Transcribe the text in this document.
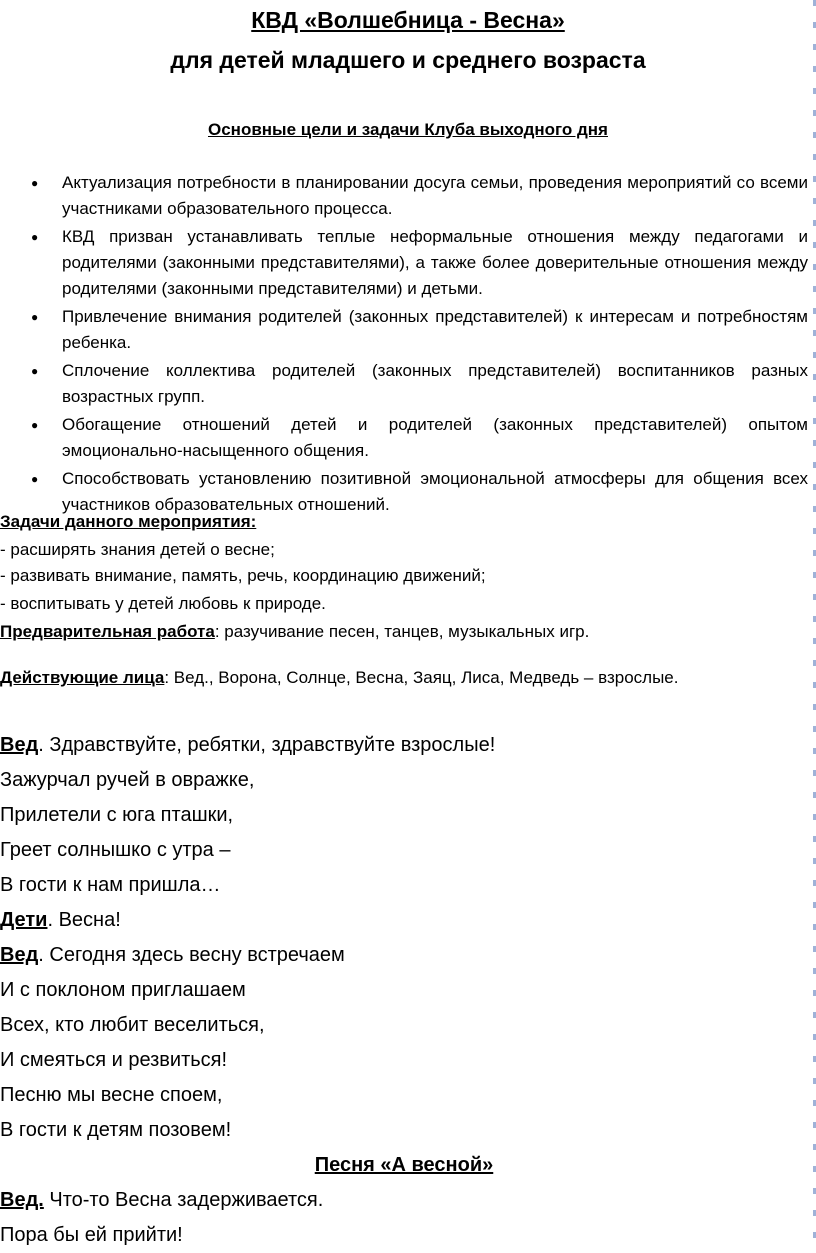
КВД «Волшебница - Весна»
для детей младшего и среднего возраста
Основные цели и задачи Клуба выходного дня
● Актуализация потребности в планировании досуга семьи, проведения мероприятий со всеми участниками образовательного процесса.
● КВД призван устанавливать теплые неформальные отношения между педагогами и родителями (законными представителями), а также более доверительные отношения между родителями (законными представителями) и детьми.
● Привлечение внимания родителей (законных представителей) к интересам и потребностям ребенка.
● Сплочение коллектива родителей (законных представителей) воспитанников разных возрастных групп.
● Обогащение отношений детей и родителей (законных представителей) опытом эмоционально-насыщенного общения.
● Способствовать установлению позитивной эмоциональной атмосферы для общения всех участников образовательных отношений.
Задачи данного мероприятия:
- расширять знания детей о весне;
- развивать внимание, память, речь, координацию движений;
- воспитывать у детей любовь к природе.
Предварительная работа: разучивание песен, танцев, музыкальных игр.
Действующие лица: Вед., Ворона, Солнце, Весна, Заяц, Лиса, Медведь – взрослые.

Вед. Здравствуйте, ребятки, здравствуйте взрослые!

Зажурчал ручей в овражке,

Прилетели с юга пташки,

Греет солнышко с утра –

В гости к нам пришла…

Дети. Весна!

Вед. Сегодня здесь весну встречаем

И с поклоном приглашаем

Всех, кто любит веселиться,

И смеяться и резвиться!

Песню мы весне споем,

В гости к детям позовем!

Песня «А весной»

Вед. Что-то Весна задерживается.

Пора бы ей прийти!
